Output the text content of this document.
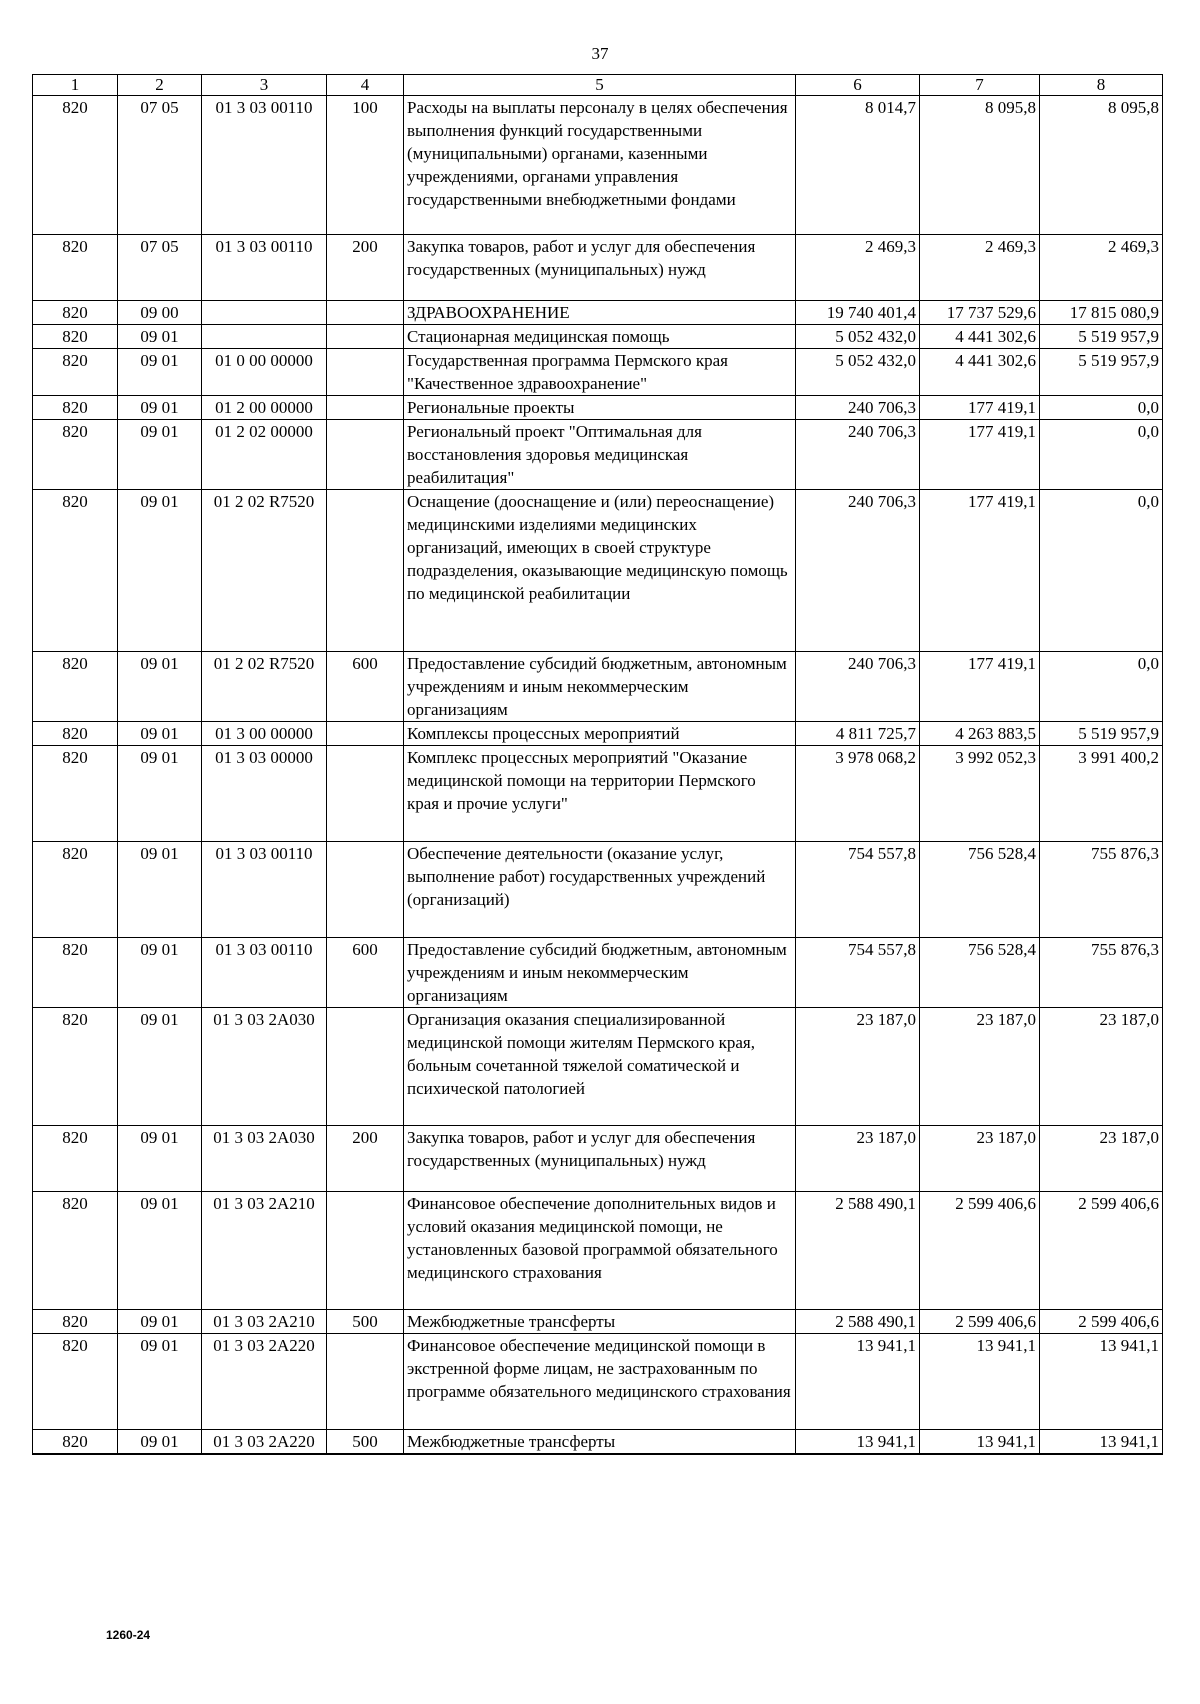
37
1	2	3	4	5	6	7	8
820	07 05	01 3 03 00110	100	Расходы на выплаты персоналу в целях обеспечения выполнения функций государственными (муниципальными) органами, казенными учреждениями, органами управления государственными внебюджетными фондами	8 014,7	8 095,8	8 095,8
820	07 05	01 3 03 00110	200	Закупка товаров, работ и услуг для обеспечения государственных (муниципальных) нужд	2 469,3	2 469,3	2 469,3
820	09 00			ЗДРАВООХРАНЕНИЕ	19 740 401,4	17 737 529,6	17 815 080,9
820	09 01			Стационарная медицинская помощь	5 052 432,0	4 441 302,6	5 519 957,9
820	09 01	01 0 00 00000		Государственная программа Пермского края "Качественное здравоохранение"	5 052 432,0	4 441 302,6	5 519 957,9
820	09 01	01 2 00 00000		Региональные проекты	240 706,3	177 419,1	0,0
820	09 01	01 2 02 00000		Региональный проект "Оптимальная для восстановления здоровья медицинская реабилитация"	240 706,3	177 419,1	0,0
820	09 01	01 2 02 R7520		Оснащение (дооснащение и (или) переоснащение) медицинскими изделиями медицинских организаций, имеющих в своей структуре подразделения, оказывающие медицинскую помощь по медицинской реабилитации	240 706,3	177 419,1	0,0
820	09 01	01 2 02 R7520	600	Предоставление субсидий бюджетным, автономным учреждениям и иным некоммерческим организациям	240 706,3	177 419,1	0,0
820	09 01	01 3 00 00000		Комплексы процессных мероприятий	4 811 725,7	4 263 883,5	5 519 957,9
820	09 01	01 3 03 00000		Комплекс процессных мероприятий "Оказание медицинской помощи на территории Пермского края и прочие услуги"	3 978 068,2	3 992 052,3	3 991 400,2
820	09 01	01 3 03 00110		Обеспечение деятельности (оказание услуг, выполнение работ) государственных учреждений (организаций)	754 557,8	756 528,4	755 876,3
820	09 01	01 3 03 00110	600	Предоставление субсидий бюджетным, автономным учреждениям и иным некоммерческим организациям	754 557,8	756 528,4	755 876,3
820	09 01	01 3 03 2А030		Организация оказания специализированной медицинской помощи жителям Пермского края, больным сочетанной тяжелой соматической и психической патологией	23 187,0	23 187,0	23 187,0
820	09 01	01 3 03 2А030	200	Закупка товаров, работ и услуг для обеспечения государственных (муниципальных) нужд	23 187,0	23 187,0	23 187,0
820	09 01	01 3 03 2А210		Финансовое обеспечение дополнительных видов и условий оказания медицинской помощи, не установленных базовой программой обязательного медицинского страхования	2 588 490,1	2 599 406,6	2 599 406,6
820	09 01	01 3 03 2А210	500	Межбюджетные трансферты	2 588 490,1	2 599 406,6	2 599 406,6
820	09 01	01 3 03 2А220		Финансовое обеспечение медицинской помощи в экстренной форме лицам, не застрахованным по программе обязательного медицинского страхования	13 941,1	13 941,1	13 941,1
820	09 01	01 3 03 2А220	500	Межбюджетные трансферты	13 941,1	13 941,1	13 941,1
1260-24
